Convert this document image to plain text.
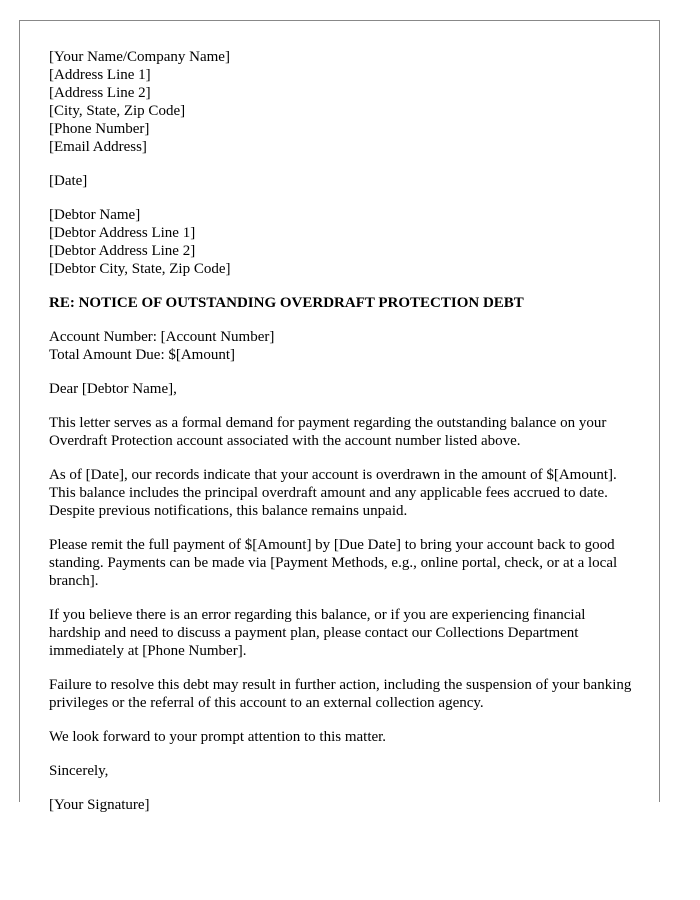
[Your Name/Company Name]
[Address Line 1]
[Address Line 2]
[City, State, Zip Code]
[Phone Number]
[Email Address]
[Date]
[Debtor Name]
[Debtor Address Line 1]
[Debtor Address Line 2]
[Debtor City, State, Zip Code]
RE: NOTICE OF OUTSTANDING OVERDRAFT PROTECTION DEBT
Account Number: [Account Number]
Total Amount Due: $[Amount]

Dear [Debtor Name],

This letter serves as a formal demand for payment regarding the outstanding balance on your Overdraft Protection account associated with the account number listed above.

As of [Date], our records indicate that your account is overdrawn in the amount of $[Amount]. This balance includes the principal overdraft amount and any applicable fees accrued to date. Despite previous notifications, this balance remains unpaid.

Please remit the full payment of $[Amount] by [Due Date] to bring your account back to good standing. Payments can be made via [Payment Methods, e.g., online portal, check, or at a local branch].

If you believe there is an error regarding this balance, or if you are experiencing financial hardship and need to discuss a payment plan, please contact our Collections Department immediately at [Phone Number].

Failure to resolve this debt may result in further action, including the suspension of your banking privileges or the referral of this account to an external collection agency.

We look forward to your prompt attention to this matter.

Sincerely,

[Your Signature]
